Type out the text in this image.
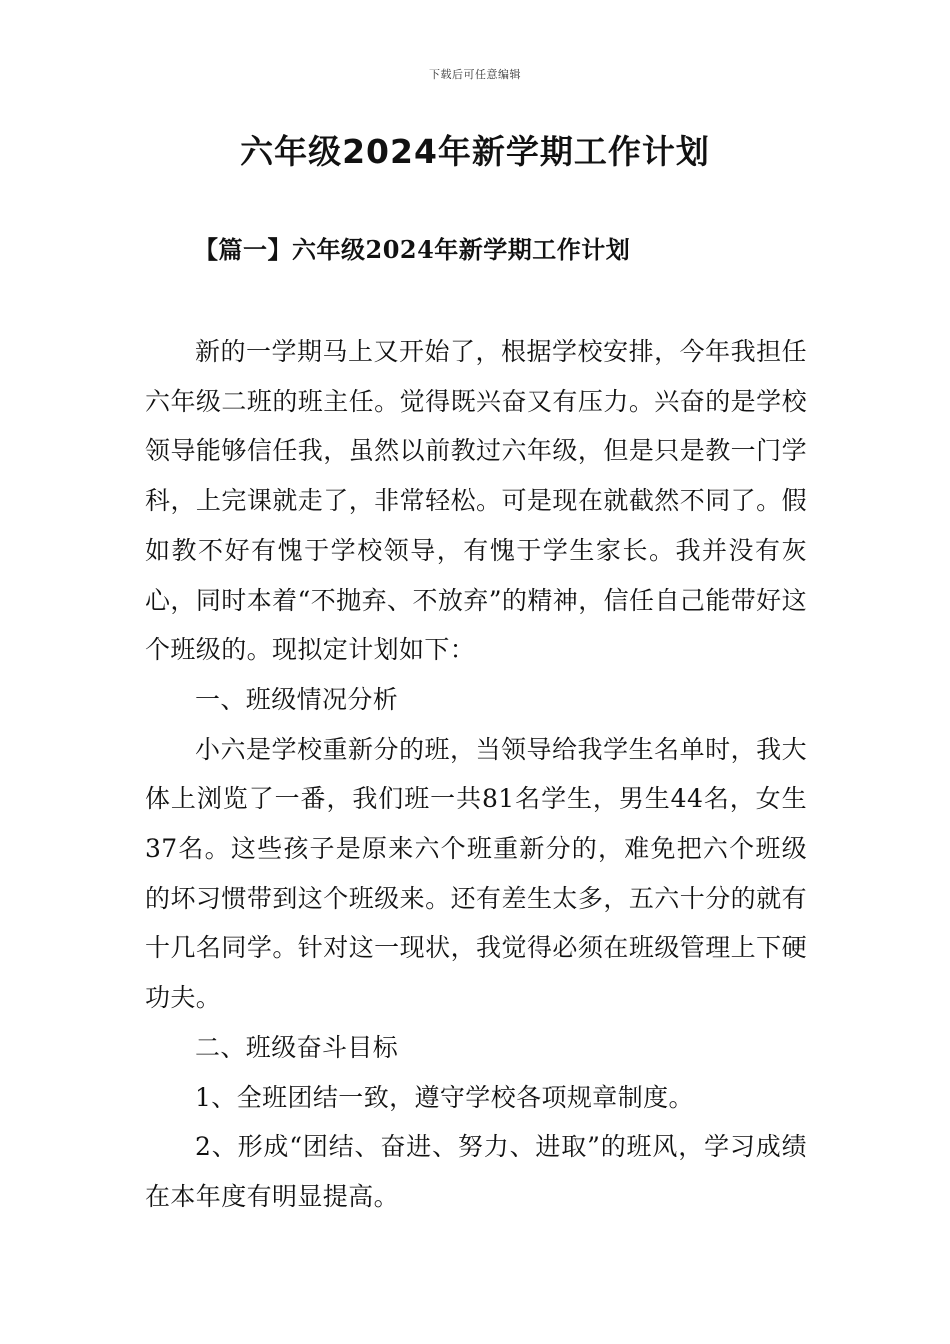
下载后可任意编辑
六年级2024年新学期工作计划
【篇一】六年级2024年新学期工作计划

新的一学期马上又开始了，根据学校安排，今年我担任六年级二班的班主任。觉得既兴奋又有压力。兴奋的是学校领导能够信任我，虽然以前教过六年级，但是只是教一门学科，上完课就走了，非常轻松。可是现在就截然不同了。假如教不好有愧于学校领导，有愧于学生家长。我并没有灰心，同时本着“不抛弃、不放弃”的精神，信任自己能带好这个班级的。现拟定计划如下：

一、班级情况分析

小六是学校重新分的班，当领导给我学生名单时，我大体上浏览了一番，我们班一共81名学生，男生44名，女生37名。这些孩子是原来六个班重新分的，难免把六个班级的坏习惯带到这个班级来。还有差生太多，五六十分的就有十几名同学。针对这一现状，我觉得必须在班级管理上下硬功夫。

二、班级奋斗目标

1、全班团结一致，遵守学校各项规章制度。

2、形成“团结、奋进、努力、进取”的班风，学习成绩在本年度有明显提高。
